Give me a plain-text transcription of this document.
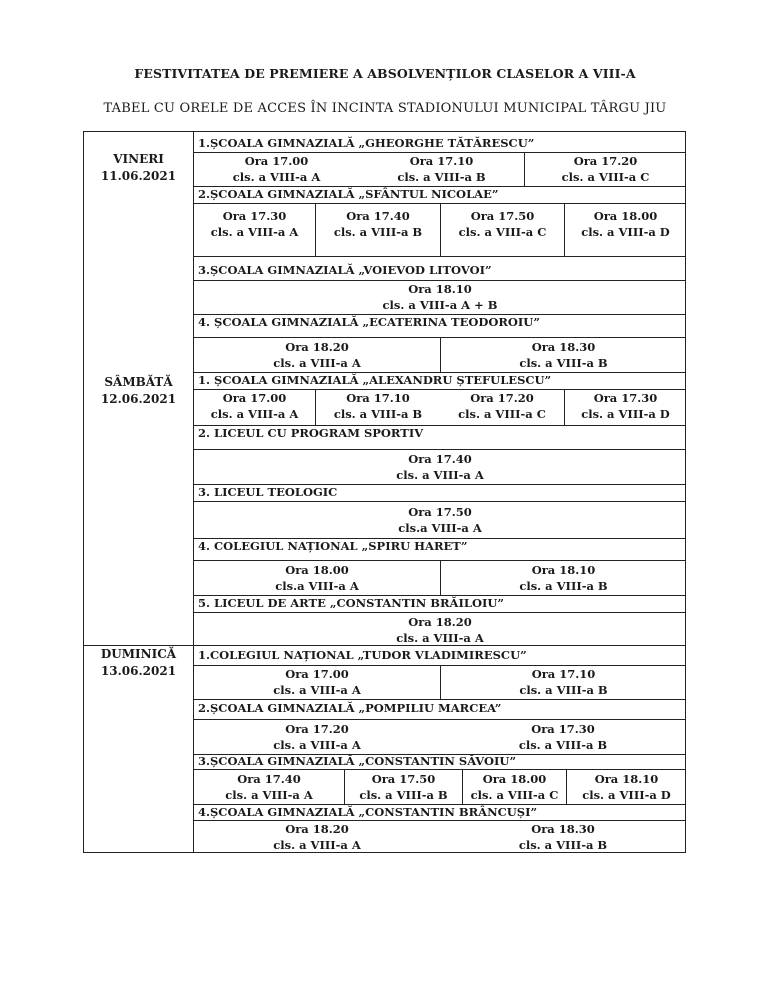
FESTIVITATEA DE PREMIERE A ABSOLVENȚILOR CLASELOR A VIII-A
TABEL CU ORELE DE ACCES ÎN INCINTA STADIONULUI MUNICIPAL TÂRGU JIU
VINERI
11.06.2021
SÂMBĂTĂ
12.06.2021
DUMINICĂ
13.06.2021
1.ȘCOALA GIMNAZIALĂ „GHEORGHE TĂTĂRESCU”
Ora 17.00
cls. a VIII-a A
Ora 17.10
cls. a VIII-a B
Ora 17.20
cls. a VIII-a C
2.ȘCOALA GIMNAZIALĂ „SFÂNTUL NICOLAE”
Ora 17.30
cls. a VIII-a A
Ora 17.40
cls. a VIII-a B
Ora 17.50
cls. a VIII-a C
Ora 18.00
cls. a VIII-a D
3.ȘCOALA GIMNAZIALĂ „VOIEVOD LITOVOI”
Ora 18.10
cls. a VIII-a A + B
4. ȘCOALA GIMNAZIALĂ „ECATERINA TEODOROIU”
Ora 18.20
cls. a VIII-a A
Ora 18.30
cls. a VIII-a B
1. ȘCOALA GIMNAZIALĂ „ALEXANDRU ȘTEFULESCU”
Ora 17.00
cls. a VIII-a A
Ora 17.10
cls. a VIII-a B
Ora 17.20
cls. a VIII-a C
Ora 17.30
cls. a VIII-a D
2. LICEUL CU PROGRAM SPORTIV
Ora 17.40
cls. a VIII-a A
3. LICEUL TEOLOGIC
Ora 17.50
cls.a VIII-a A
4. COLEGIUL NAȚIONAL „SPIRU HARET”
Ora 18.00
cls.a VIII-a A
Ora 18.10
cls. a VIII-a B
5. LICEUL DE ARTE „CONSTANTIN BRĂILOIU”
Ora 18.20
cls. a VIII-a A
1.COLEGIUL NAȚIONAL „TUDOR VLADIMIRESCU”
Ora 17.00
cls. a VIII-a A
Ora 17.10
cls. a VIII-a B
2.ȘCOALA GIMNAZIALĂ „POMPILIU MARCEA”
Ora 17.20
cls. a VIII-a A
Ora 17.30
cls. a VIII-a B
3.ȘCOALA GIMNAZIALĂ „CONSTANTIN SĂVOIU”
Ora 17.40
cls. a VIII-a A
Ora 17.50
cls. a VIII-a B
Ora 18.00
cls. a VIII-a C
Ora 18.10
cls. a VIII-a D
4.ȘCOALA GIMNAZIALĂ „CONSTANTIN BRÂNCUȘI”
Ora 18.20
cls. a VIII-a A
Ora 18.30
cls. a VIII-a B
